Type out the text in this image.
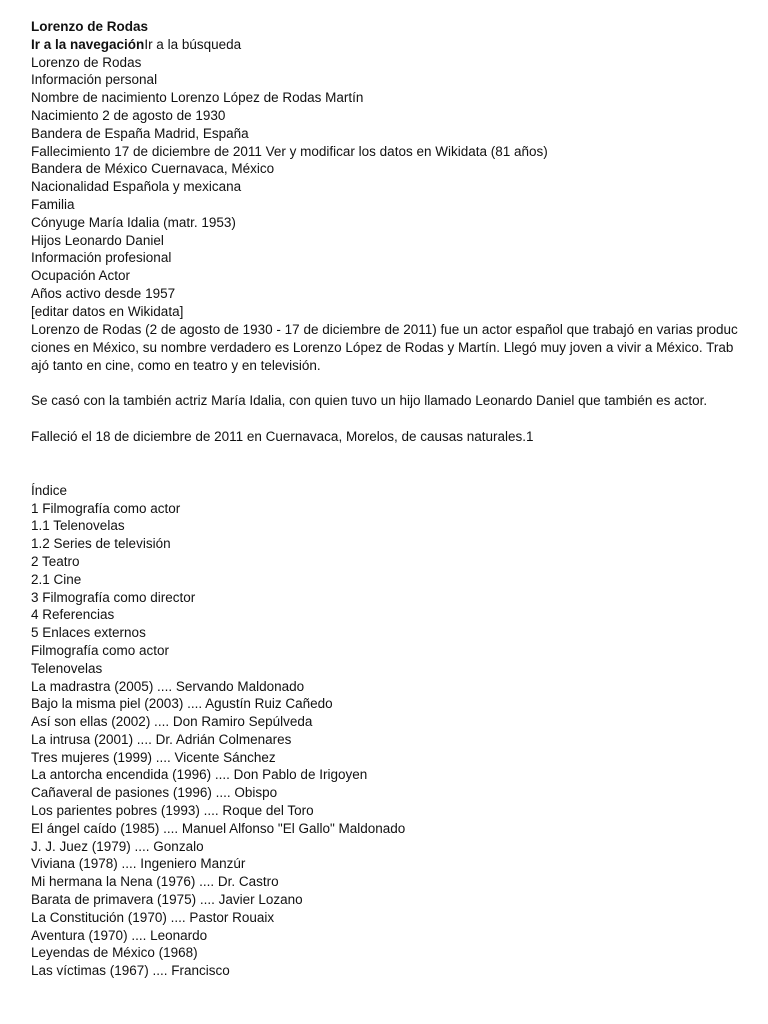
Lorenzo de Rodas
Ir a la navegaciónIr a la búsqueda
Lorenzo de Rodas
Información personal
Nombre de nacimiento Lorenzo López de Rodas Martín
Nacimiento 2 de agosto de 1930
Bandera de España Madrid, España
Fallecimiento 17 de diciembre de 2011 Ver y modificar los datos en Wikidata (81 años)
Bandera de México Cuernavaca, México
Nacionalidad Española y mexicana
Familia
Cónyuge María Idalia (matr. 1953)
Hijos Leonardo Daniel
Información profesional
Ocupación Actor
Años activo desde 1957
[editar datos en Wikidata]
Lorenzo de Rodas (2 de agosto de 1930 - 17 de diciembre de 2011) fue un actor español que trabajó en varias producciones en México, su nombre verdadero es Lorenzo López de Rodas y Martín. Llegó muy joven a vivir a México. Trabajó tanto en cine, como en teatro y en televisión.
Se casó con la también actriz María Idalia, con quien tuvo un hijo llamado Leonardo Daniel que también es actor.
Falleció el 18 de diciembre de 2011 en Cuernavaca, Morelos, de causas naturales.1
Índice
1 Filmografía como actor
1.1 Telenovelas
1.2 Series de televisión
2 Teatro
2.1 Cine
3 Filmografía como director
4 Referencias
5 Enlaces externos
Filmografía como actor
Telenovelas
La madrastra (2005) .... Servando Maldonado
Bajo la misma piel (2003) .... Agustín Ruiz Cañedo
Así son ellas (2002) .... Don Ramiro Sepúlveda
La intrusa (2001) .... Dr. Adrián Colmenares
Tres mujeres (1999) .... Vicente Sánchez
La antorcha encendida (1996) .... Don Pablo de Irigoyen
Cañaveral de pasiones (1996) .... Obispo
Los parientes pobres (1993) .... Roque del Toro
El ángel caído (1985) .... Manuel Alfonso "El Gallo" Maldonado
J. J. Juez (1979) .... Gonzalo
Viviana (1978) .... Ingeniero Manzúr
Mi hermana la Nena (1976) .... Dr. Castro
Barata de primavera (1975) .... Javier Lozano
La Constitución (1970) .... Pastor Rouaix
Aventura (1970) .... Leonardo
Leyendas de México (1968)
Las víctimas (1967) .... Francisco
